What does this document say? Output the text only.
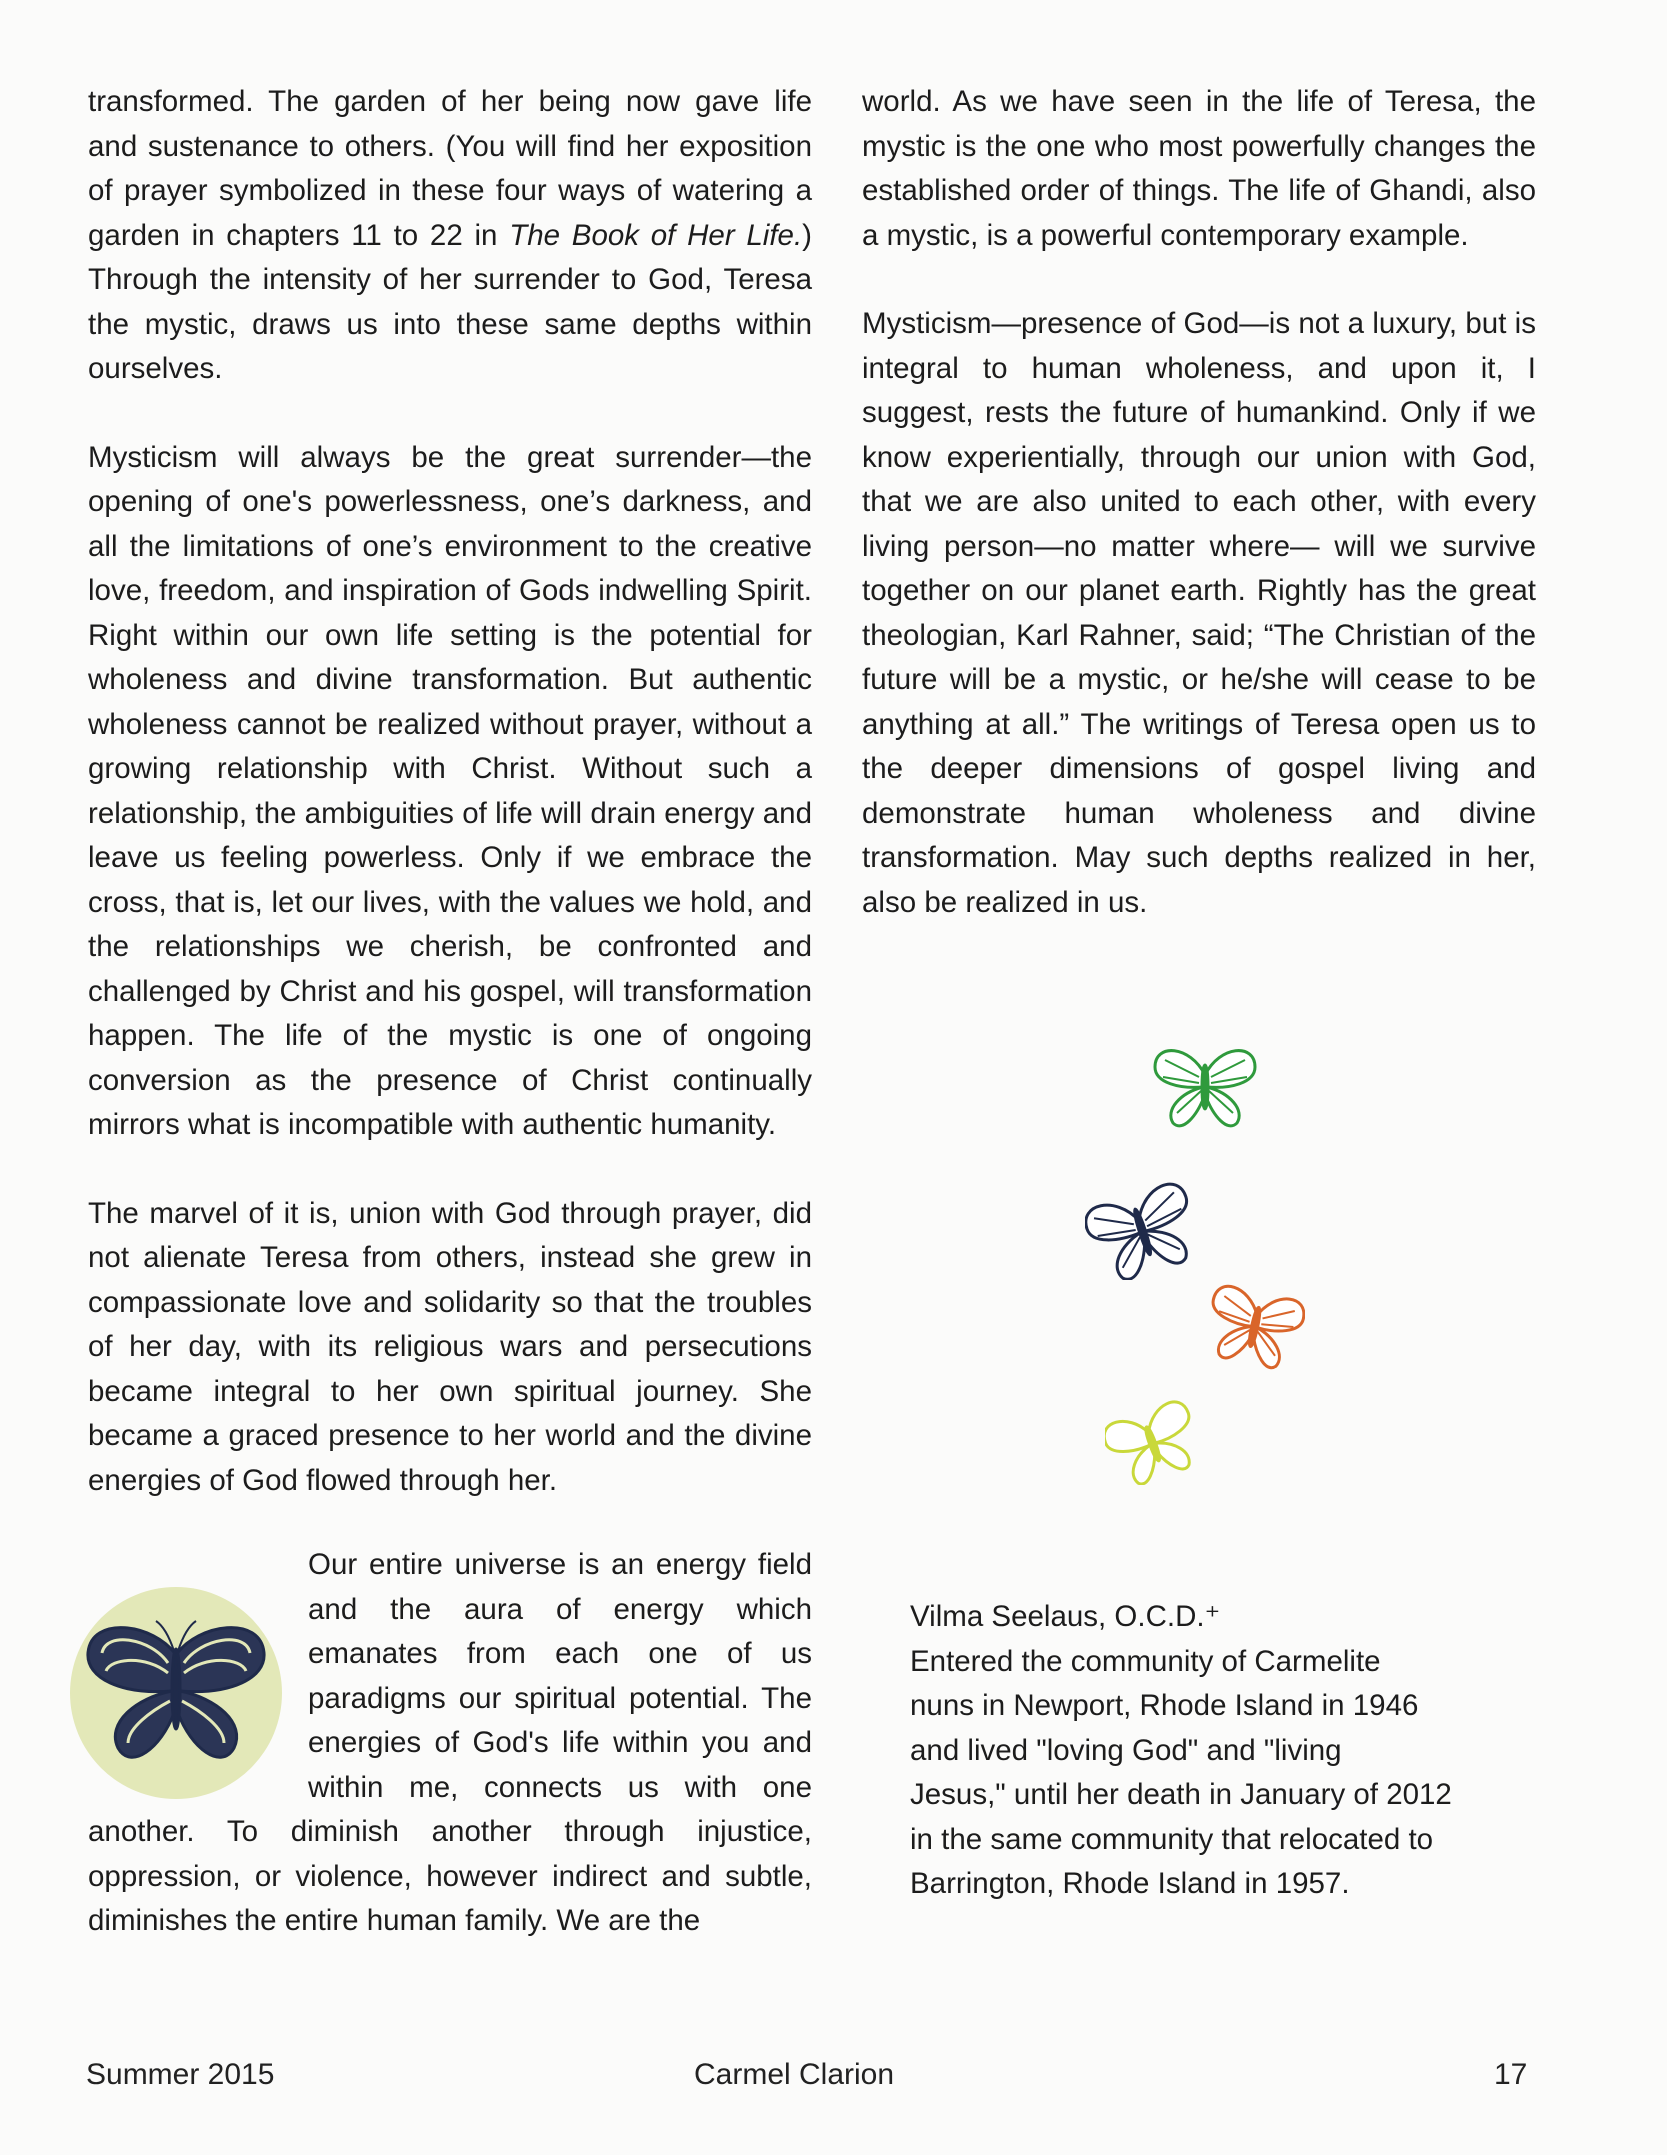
transformed. The garden of her being now gave life and sustenance to others. (You will find her exposition of prayer symbolized in these four ways of watering a garden in chapters 11 to 22 in The Book of Her Life.) Through the intensity of her surrender to God, Teresa the mystic, draws us into these same depths within ourselves.

Mysticism will always be the great surrender—the opening of one's powerlessness, one’s darkness, and all the limitations of one’s environment to the creative love, freedom, and inspiration of Gods indwelling Spirit. Right within our own life setting is the potential for wholeness and divine transformation. But authentic wholeness cannot be realized without prayer, without a growing relationship with Christ. Without such a relationship, the ambiguities of life will drain energy and leave us feeling powerless. Only if we embrace the cross, that is, let our lives, with the values we hold, and the relationships we cherish, be confronted and challenged by Christ and his gospel, will transformation happen. The life of the mystic is one of ongoing conversion as the presence of Christ continually mirrors what is incompatible with authentic humanity.

The marvel of it is, union with God through prayer, did not alienate Teresa from others, instead she grew in compassionate love and solidarity so that the troubles of her day, with its religious wars and persecutions became integral to her own spiritual journey. She became a graced presence to her world and the divine energies of God flowed through her.

Our entire universe is an energy field and the aura of energy which emanates from each one of us paradigms our spiritual potential. The energies of God's life within you and within me, connects us with one another. To diminish another through injustice, oppression, or violence, however indirect and subtle, diminishes the entire human family. We are the

world. As we have seen in the life of Teresa, the mystic is the one who most powerfully changes the established order of things. The life of Ghandi, also a mystic, is a powerful contemporary example.

Mysticism—presence of God—is not a luxury, but is integral to human wholeness, and upon it, I suggest, rests the future of humankind. Only if we know experientially, through our union with God, that we are also united to each other, with every living person—no matter where— will we survive together on our planet earth. Rightly has the great theologian, Karl Rahner, said; “The Christian of the future will be a mystic, or he/she will cease to be anything at all.” The writings of Teresa open us to the deeper dimensions of gospel living and demonstrate human wholeness and divine transformation. May such depths realized in her, also be realized in us.

Vilma Seelaus, O.C.D.⁺
Entered the community of Carmelite
nuns in Newport, Rhode Island in 1946
and lived "loving God" and "living
Jesus," until her death in January of 2012
in the same community that relocated to
Barrington, Rhode Island in 1957.
Summer 2015	Carmel Clarion	17
